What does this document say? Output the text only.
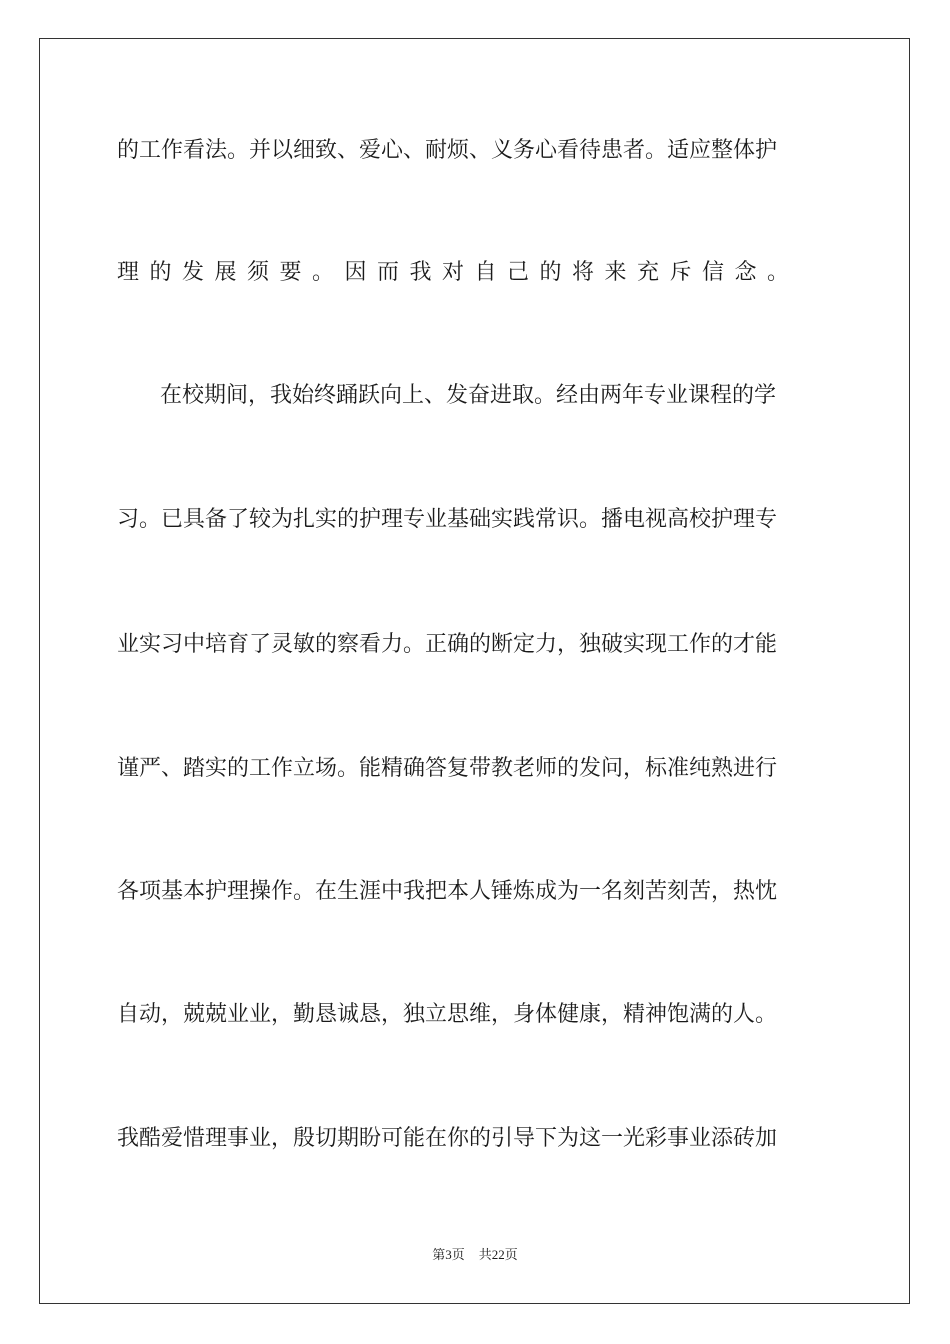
的工作看法。并以细致、爱心、耐烦、义务心看待患者。适应整体护
理的发展须要。因而我对自己的将来充斥信念。
在校期间，我始终踊跃向上、发奋进取。经由两年专业课程的学
习。已具备了较为扎实的护理专业基础实践常识。播电视高校护理专
业实习中培育了灵敏的察看力。正确的断定力，独破实现工作的才能
谨严、踏实的工作立场。能精确答复带教老师的发问，标准纯熟进行
各项基本护理操作。在生涯中我把本人锤炼成为一名刻苦刻苦，热忱
自动，兢兢业业，勤恳诚恳，独立思维，身体健康，精神饱满的人。
我酷爱惜理事业，殷切期盼可能在你的引导下为这一光彩事业添砖加
第3页 共22页
